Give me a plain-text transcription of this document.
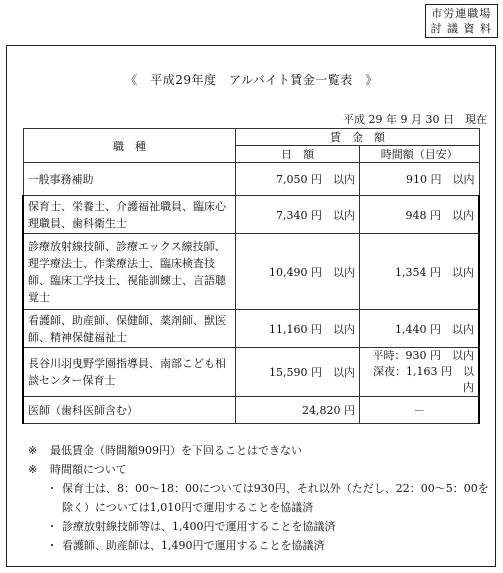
市労連職場
討 議 資 料
《　平成29年度　アルバイト賃金一覧表　》
平成 29 年 9 月 30 日　現在
職　種	賃　金　額	
	日　額	時間額（目安）
一般事務補助	7,050 円　以内	910 円　以内
保育士、栄養士、介護福祉職員、臨床心理職員、歯科衛生士	7,340 円　以内	948 円　以内
診療放射線技師、診療エックス線技師、理学療法士、作業療法士、臨床検査技師、臨床工学技士、視能訓練士、言語聴覚士	10,490 円　以内	1,354 円　以内
看護師、助産師、保健師、薬剤師、獣医師、精神保健福祉士	11,160 円　以内	1,440 円　以内
長谷川羽曳野学園指導員、南部こども相談センター保育士	15,590 円　以内	平時：930 円　以内
深夜：1,163 円　以内

医師（歯科医師含む）	24,820 円	－
※ 最低賃金（時間額909円）を下回ることはできない
※ 時間額について
・ 保育士は、8：00～18：00については930円、それ以外（ただし、22：00～5：00を除く）については1,010円で運用することを協議済
・ 診療放射線技師等は、1,400円で運用することを協議済
・ 看護師、助産師は、1,490円で運用することを協議済
